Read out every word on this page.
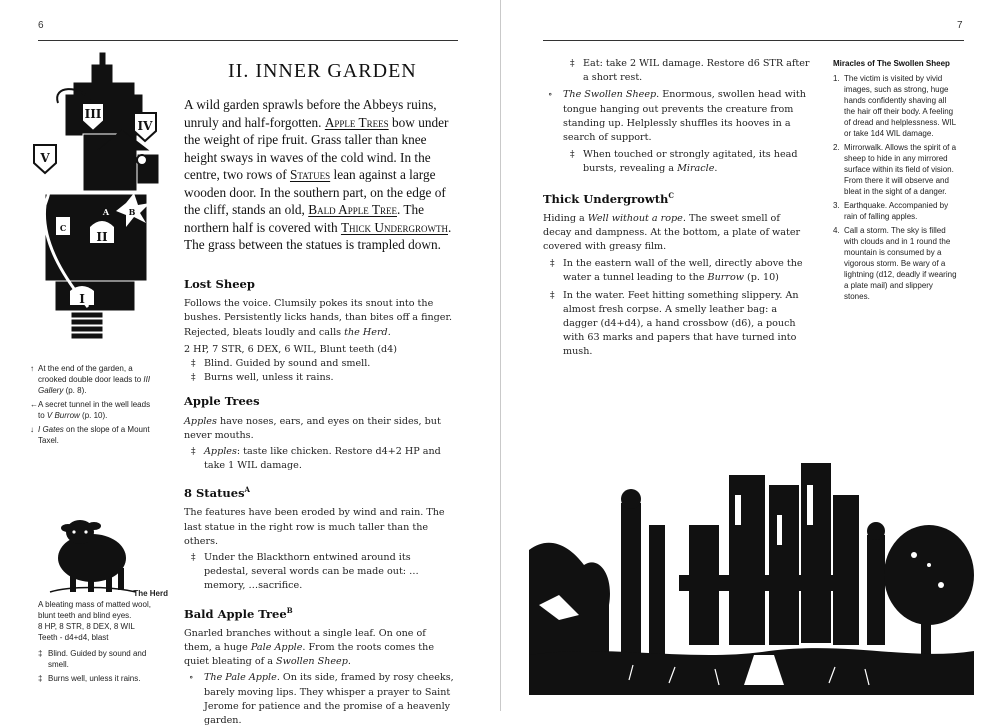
6
III
IV
V
II
I
A B
C
↑ At the end of the garden, a crooked double door leads to III Gallery (p. 8).
← A secret tunnel in the well leads to V Burrow (p. 10).
↓ I Gates on the slope of a Mount Taxel.

The Herd

A bleating mass of matted wool, blunt teeth and blind eyes.

8 HP, 8 STR, 8 DEX, 8 WIL

Teeth - d4+d4, blast

‡ Blind. Guided by sound and smell.
‡ Burns well, unless it rains.
II. INNER GARDEN
A wild garden sprawls before the Abbeys ruins, unruly and half-forgotten. Apple Trees bow under the weight of ripe fruit. Grass taller than knee height sways in waves of the cold wind. In the centre, two rows of Statues lean against a large wooden door. In the southern part, on the edge of the cliff, stands an old, Bald Apple Tree. The northern half is covered with Thick Undergrowth. The grass between the statues is trampled down.
Lost Sheep

Follows the voice. Clumsily pokes its snout into the bushes. Persistently licks hands, than bites off a finger. Rejected, bleats loudly and calls the Herd.

2 HP, 7 STR, 6 DEX, 6 WIL, Blunt teeth (d4)

‡ Blind. Guided by sound and smell.
‡ Burns well, unless it rains.
Apple Trees

Apples have noses, ears, and eyes on their sides, but never mouths.

‡ Apples: taste like chicken. Restore d4+2 HP and take 1 WIL damage.
8 Statues$^A$

The features have been eroded by wind and rain. The last statue in the right row is much taller than the others.

‡ Under the Blackthorn entwined around its pedestal, several words can be made out: …memory, …sacrifice.
Bald Apple Tree$^B$

Gnarled branches without a single leaf. On one of them, a huge Pale Apple. From the roots comes the quiet bleating of a Swollen Sheep.

∘ The Pale Apple. On its side, framed by rosy cheeks, barely moving lips. They whisper a prayer to Saint Jerome for patience and the promise of a heavenly garden.
7
‡ Eat: take 2 WIL damage. Restore d6 STR after a short rest.
∘ The Swollen Sheep. Enormous, swollen head with tongue hanging out prevents the creature from standing up. Helplessly shuffles its hooves in a search of support.
‡ When touched or strongly agitated, its head bursts, revealing a Miracle.
Thick Undergrowth$^C$

Hiding a Well without a rope. The sweet smell of decay and dampness. At the bottom, a plate of water covered with greasy film.

‡ In the eastern wall of the well, directly above the water a tunnel leading to the Burrow (p. 10)
‡ In the water. Feet hitting something slippery. An almost fresh corpse. A smelly leather bag: a dagger (d4+d4), a hand crossbow (d6), a pouch with 63 marks and papers that have turned into mush.
Miracles of The Swollen Sheep
1. The victim is visited by vivid images, such as strong, huge hands confidently shaving all the hair off their body. A feeling of dread and helplessness. WIL or take 1d4 WIL damage.
2. Mirrorwalk. Allows the spirit of a sheep to hide in any mirrored surface within its field of vision. From there it will observe and bleat in the sight of a danger.
3. Earthquake. Accompanied by rain of falling apples.
4. Call a storm. The sky is filled with clouds and in 1 round the mountain is consumed by a vigorous storm. Be wary of a lightning (d12, deadly if wearing a plate mail) and slippery stones.
